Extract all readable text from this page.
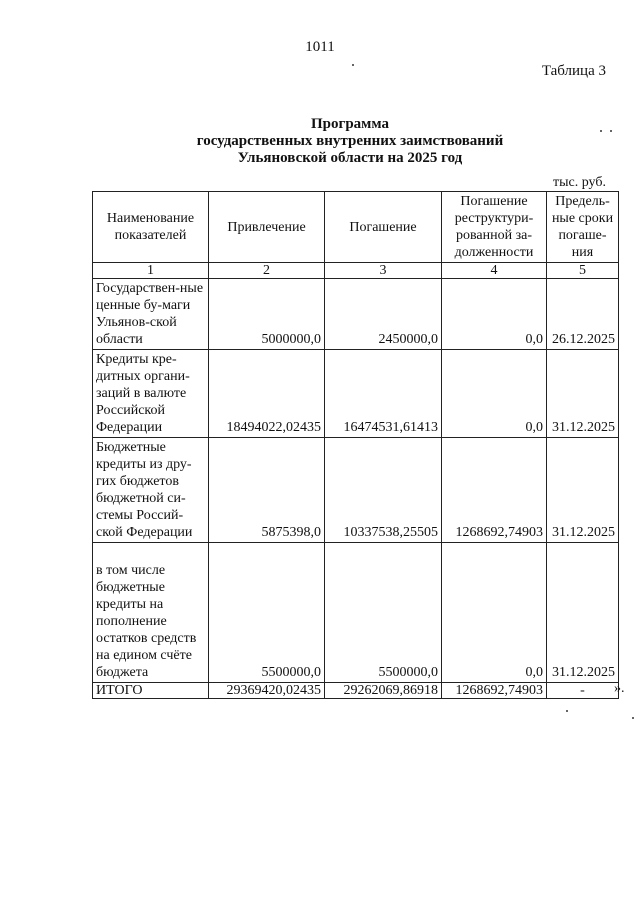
1011
Таблица 3
Программа
государственных внутренних заимствований
Ульяновской области на 2025 год
тыс. руб.
Наименование показателей	Привлечение	Погашение	Погашение реструктури-рованной за-долженности	Предель-ные сроки погаше-ния
1	2	3	4	5
Государствен-ные ценные бу-маги Ульянов-ской области	5000000,0	2450000,0	0,0	26.12.2025
Кредиты кре-дитных органи-заций в валюте Российской Федерации	18494022,02435	16474531,61413	0,0	31.12.2025
Бюджетные кредиты из дру-гих бюджетов бюджетной си-стемы Россий-ской Федерации	5875398,0	10337538,25505	1268692,74903	31.12.2025
в том числе бюджетные кредиты на пополнение остатков средств на едином счёте бюджета	5500000,0	5500000,0	0,0	31.12.2025
ИТОГО	29369420,02435	29262069,86918	1268692,74903	- ».
